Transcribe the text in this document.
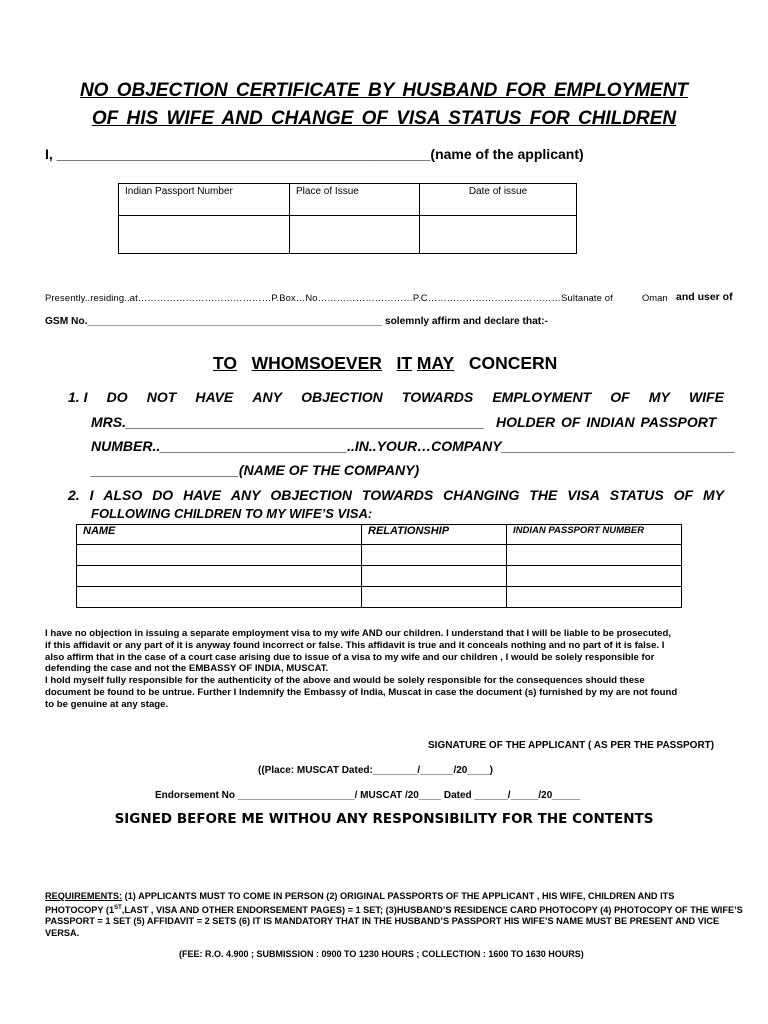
NO OBJECTION CERTIFICATE BY HUSBAND FOR EMPLOYMENT
OF HIS WIFE AND CHANGE OF VISA STATUS FOR CHILDREN
I, ________________________________________________(name of the applicant)
Indian Passport Number	Place of Issue	Date of issue

Presently..residing..at……………………………………P.Box…No…………………………P.C……………………………………Sultanate of	Oman and user of
GSM No.____________________________________________________ solemnly affirm and declare that:-
TO WHOMSOEVER IT MAY CONCERN
1. I DO NOT HAVE ANY OBJECTION TOWARDS EMPLOYMENT OF MY WIFE
MRS.______________________________________________ HOLDER OF INDIAN PASSPORT
NUMBER..________________________..IN..YOUR…COMPANY______________________________
___________________(NAME OF THE COMPANY)
2. I ALSO DO HAVE ANY OBJECTION TOWARDS CHANGING THE VISA STATUS OF MY
FOLLOWING CHILDREN TO MY WIFE’S VISA:
NAME	RELATIONSHIP	INDIAN PASSPORT NUMBER

I have no objection in issuing a separate employment visa to my wife AND our children. I understand that I will be liable to be prosecuted,
if this affidavit or any part of it is anyway found incorrect or false. This affidavit is true and it conceals nothing and no part of it is false. I
also affirm that in the case of a court case arising due to issue of a visa to my wife and our children , I would be solely responsible for
defending the case and not the EMBASSY OF INDIA, MUSCAT.
I hold myself fully responsible for the authenticity of the above and would be solely responsible for the consequences should these
document be found to be untrue. Further I Indemnify the Embassy of India, Muscat in case the document (s) furnished by my are not found
to be genuine at any stage.
SIGNATURE OF THE APPLICANT ( AS PER THE PASSPORT)
((Place: MUSCAT Dated:________/______/20____)
Endorsement No _____________________/ MUSCAT /20____ Dated ______/_____/20_____
SIGNED BEFORE ME WITHOU ANY RESPONSIBILITY FOR THE CONTENTS
REQUIREMENTS: (1) APPLICANTS MUST TO COME IN PERSON (2) ORIGINAL PASSPORTS OF THE APPLICANT , HIS WIFE, CHILDREN AND ITS
PHOTOCOPY (1ST,LAST , VISA AND OTHER ENDORSEMENT PAGES) = 1 SET; (3)HUSBAND’S RESIDENCE CARD PHOTOCOPY (4) PHOTOCOPY OF THE WIFE’S
PASSPORT = 1 SET (5) AFFIDAVIT = 2 SETS (6) IT IS MANDATORY THAT IN THE HUSBAND’S PASSPORT HIS WIFE’S NAME MUST BE PRESENT AND VICE
VERSA.
(FEE: R.O. 4.900 ; SUBMISSION : 0900 TO 1230 HOURS ; COLLECTION : 1600 TO 1630 HOURS)
